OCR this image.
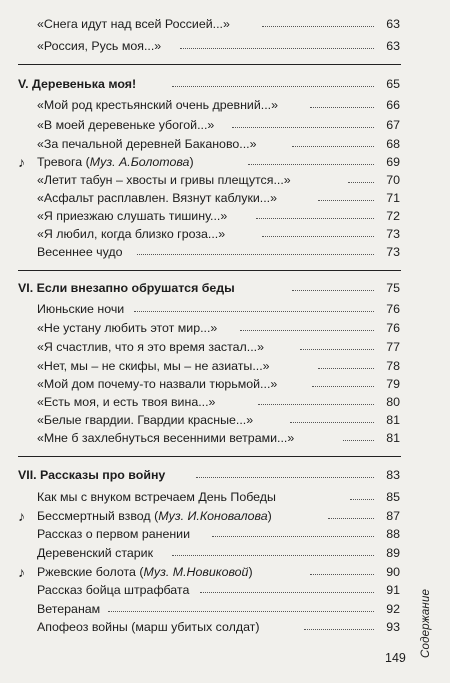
«Снега идут над всей Россией...»	63
«Россия, Русь моя...»	63
V. Деревенька моя!	65
«Мой род крестьянский очень древний...»	66
«В моей деревеньке убогой...»	67
«За печальной деревней Баканово...»	68
♪ Тревога (Муз. А.Болотова)	69
«Летит табун – хвосты и гривы плещутся...»	70
«Асфальт расплавлен. Вязнут каблуки...»	71
«Я приезжаю слушать тишину...»	72
«Я любил, когда близко гроза...»	73
Весеннее чудо	73
VI. Если внезапно обрушатся беды	75
Июньские ночи	76
«Не устану любить этот мир...»	76
«Я счастлив, что я это время застал...»	77
«Нет, мы – не скифы, мы – не азиаты...»	78
«Мой дом почему-то назвали тюрьмой...»	79
«Есть моя, и есть твоя вина...»	80
«Белые гвардии. Гвардии красные...»	81
«Мне б захлебнуться весенними ветрами...»	81
VII. Рассказы про войну	83
Как мы с внуком встречаем День Победы	85
♪ Бессмертный взвод (Муз. И.Коновалова)	87
Рассказ о первом ранении	88
Деревенский старик	89
♪ Ржевские болота (Муз. М.Новиковой)	90
Рассказ бойца штрафбата	91
Ветеранам	92
Апофеоз войны (марш убитых солдат)	93 Содержание
149
